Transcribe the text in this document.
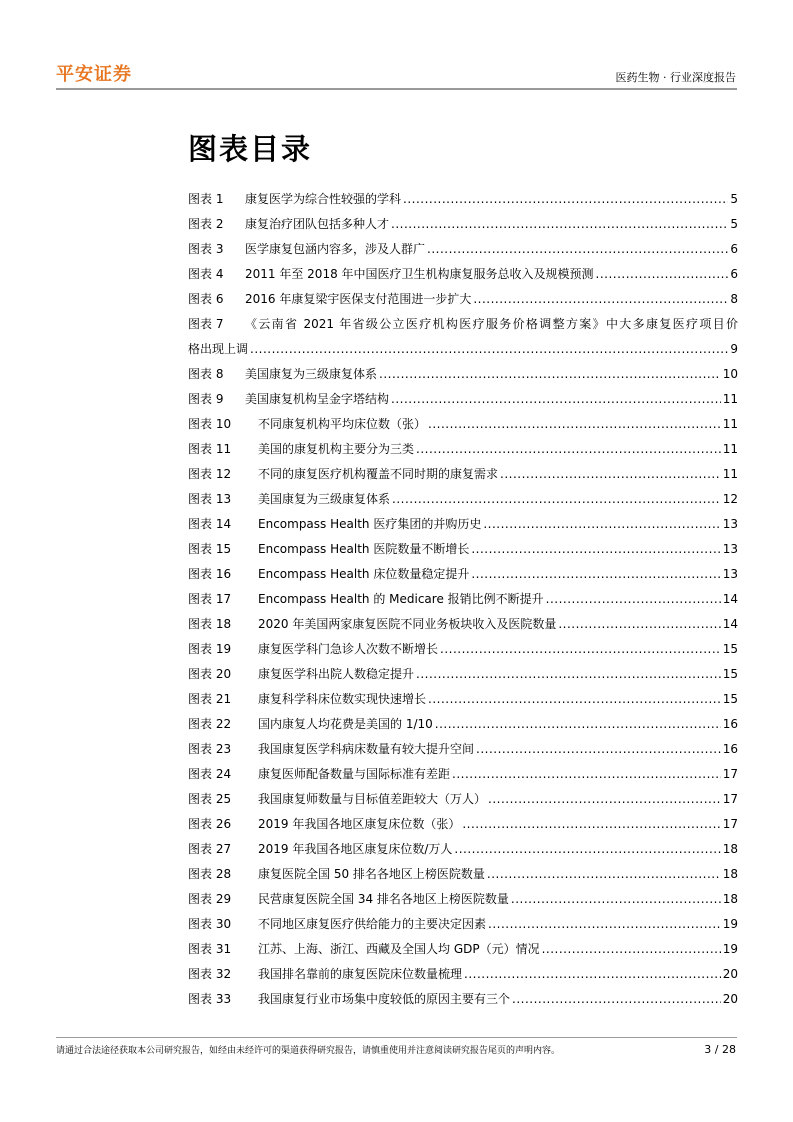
平安证券	医药生物 · 行业深度报告
图表目录
图表 1	康复医学为综合性较强的学科 .....	5
图表 2	康复治疗团队包括多种人才 .....	5
图表 3	医学康复包涵内容多，涉及人群广 .....	6
图表 4	2011 年至 2018 年中国医疗卫生机构康复服务总收入及规模预测 .....	6
图表 6	2016 年康复梁宇医保支付范围进一步扩大 .....	8
图表 7	《云南省 2021 年省级公立医疗机构医疗服务价格调整方案》中大多康复医疗项目价
格出现上调 .....	9
图表 8	美国康复为三级康复体系 .....	10
图表 9	美国康复机构呈金字塔结构 .....	11
图表 10	不同康复机构平均床位数（张） .....	11
图表 11	美国的康复机构主要分为三类 .....	11
图表 12	不同的康复医疗机构覆盖不同时期的康复需求 .....	11
图表 13	美国康复为三级康复体系 .....	12
图表 14	Encompass Health 医疗集团的并购历史 .....	13
图表 15	Encompass Health 医院数量不断增长 .....	13
图表 16	Encompass Health 床位数量稳定提升 .....	13
图表 17	Encompass Health 的 Medicare 报销比例不断提升 .....	14
图表 18	2020 年美国两家康复医院不同业务板块收入及医院数量 .....	14
图表 19	康复医学科门急诊人次数不断增长 .....	15
图表 20	康复医学科出院人数稳定提升 .....	15
图表 21	康复科学科床位数实现快速增长 .....	15
图表 22	国内康复人均花费是美国的 1/10 .....	16
图表 23	我国康复医学科病床数量有较大提升空间 .....	16
图表 24	康复医师配备数量与国际标准有差距 .....	17
图表 25	我国康复师数量与目标值差距较大（万人） .....	17
图表 26	2019 年我国各地区康复床位数（张） .....	17
图表 27	2019 年我国各地区康复床位数/万人 .....	18
图表 28	康复医院全国 50 排名各地区上榜医院数量 .....	18
图表 29	民营康复医院全国 34 排名各地区上榜医院数量 .....	18
图表 30	不同地区康复医疗供给能力的主要决定因素 .....	19
图表 31	江苏、上海、浙江、西藏及全国人均 GDP（元）情况 .....	19
图表 32	我国排名靠前的康复医院床位数量梳理 .....	20
图表 33	我国康复行业市场集中度较低的原因主要有三个 .....	20
请通过合法途径获取本公司研究报告，如经由未经许可的渠道获得研究报告，请慎重使用并注意阅读研究报告尾页的声明内容。	3 / 28
